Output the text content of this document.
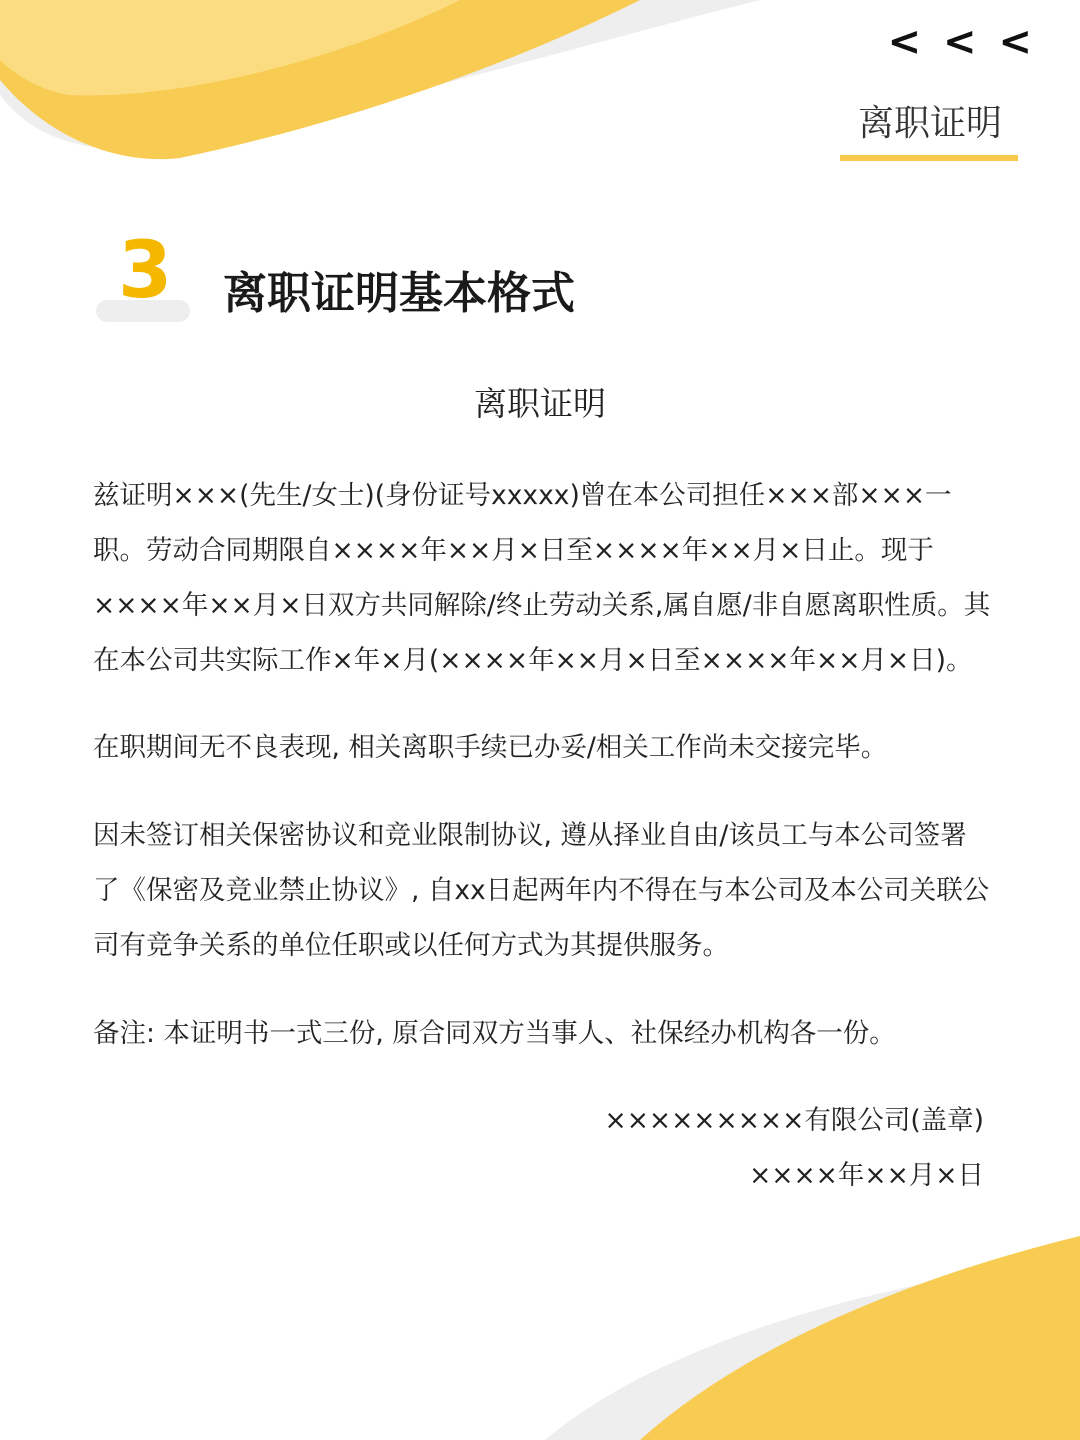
< < <
离职证明
3 离职证明基本格式
离职证明

兹证明×××(先生/女士)(身份证号xxxxx)曾在本公司担任×××部×××一职。劳动合同期限自××××年××月×日至××××年××月×日止。现于××××年××月×日双方共同解除/终止劳动关系,属自愿/非自愿离职性质。其在本公司共实际工作×年×月(××××年××月×日至××××年××月×日)。

在职期间无不良表现, 相关离职手续已办妥/相关工作尚未交接完毕。

因未签订相关保密协议和竞业限制协议, 遵从择业自由/该员工与本公司签署了《保密及竞业禁止协议》, 自xx日起两年内不得在与本公司及本公司关联公司有竞争关系的单位任职或以任何方式为其提供服务。

备注: 本证明书一式三份, 原合同双方当事人、社保经办机构各一份。

×××××××××有限公司(盖章)
××××年××月×日
